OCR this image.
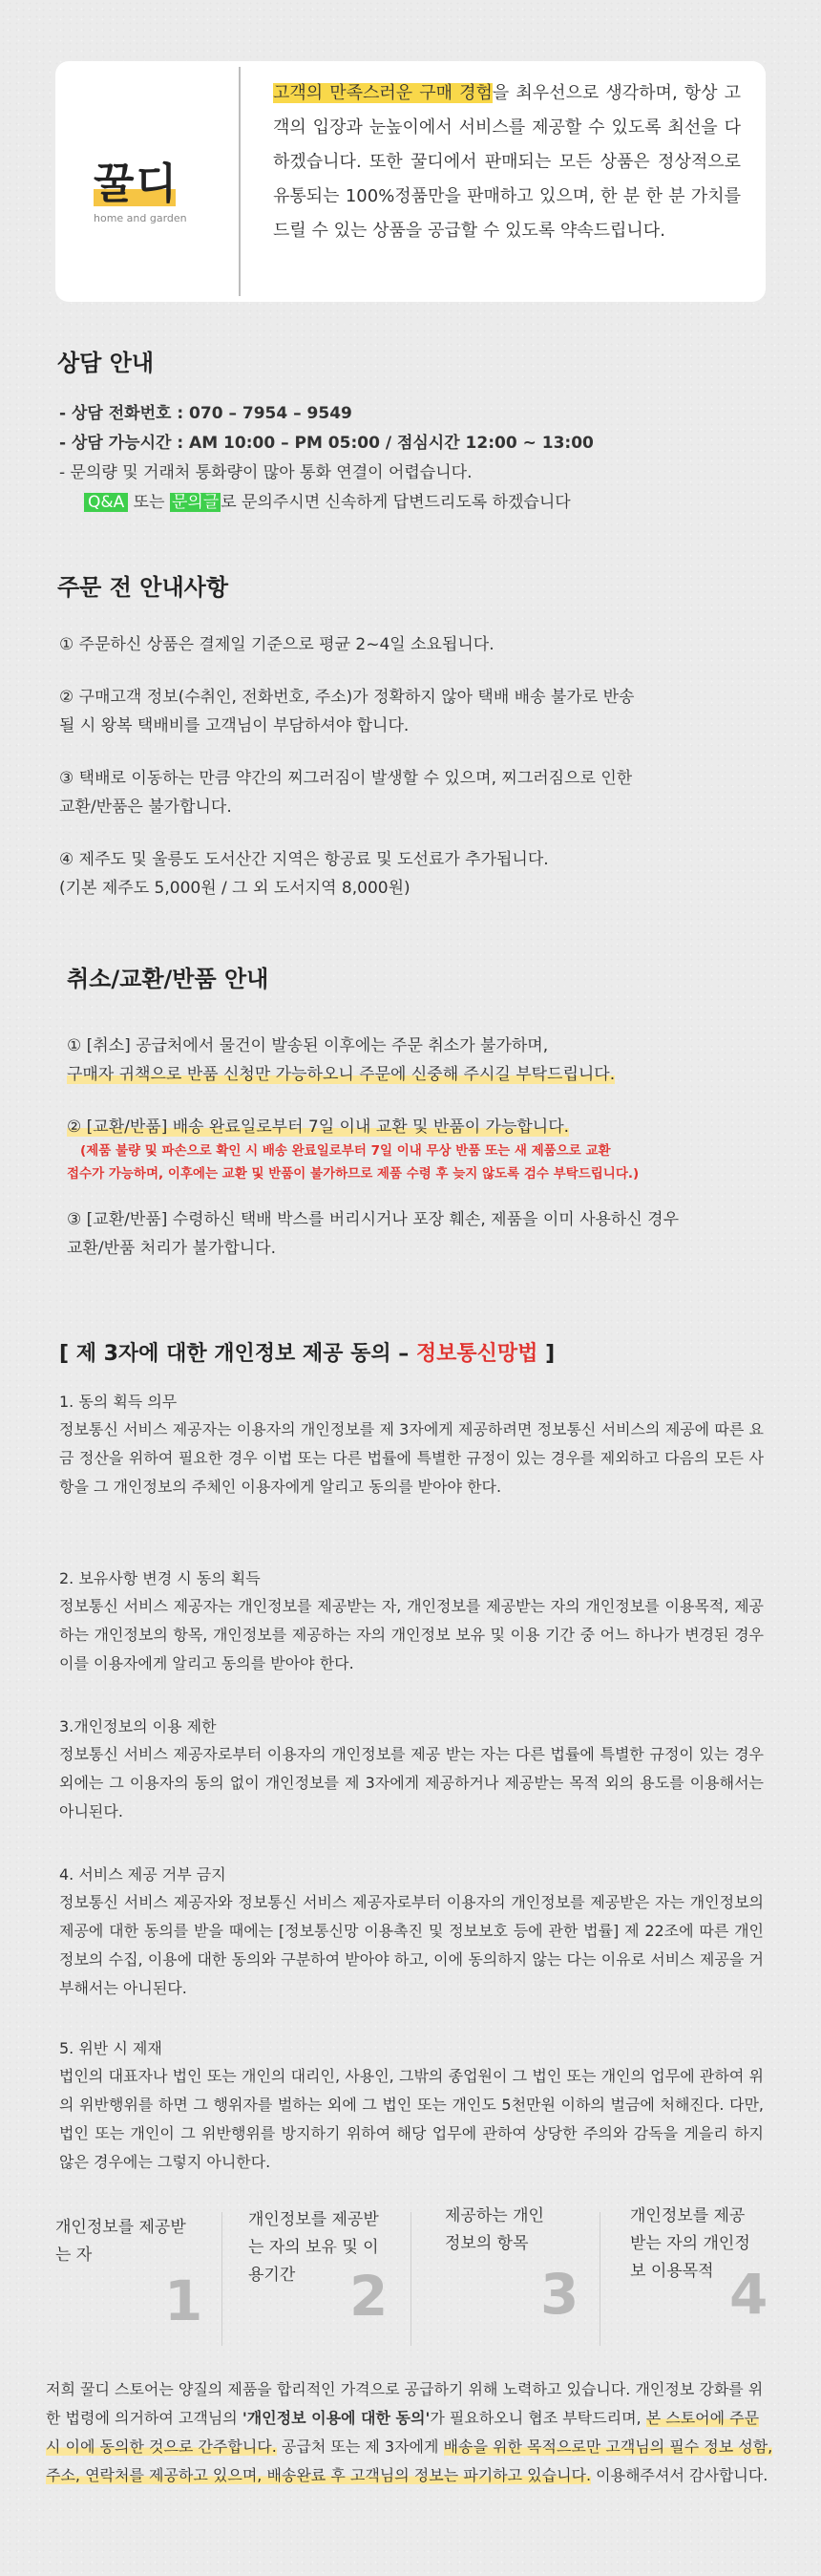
꿀디
home and garden
고객의 만족스러운 구매 경험을 최우선으로 생각하며, 항상 고객의 입장과 눈높이에서 서비스를 제공할 수 있도록 최선을 다하겠습니다. 또한 꿀디에서 판매되는 모든 상품은 정상적으로 유통되는 100%정품만을 판매하고 있으며, 한 분 한 분 가치를 드릴 수 있는 상품을 공급할 수 있도록 약속드립니다.
상담 안내
- 상담 전화번호 : 070 – 7954 – 9549
- 상담 가능시간 : AM 10:00 – PM 05:00 / 점심시간 12:00 ~ 13:00
- 문의량 및 거래처 통화량이 많아 통화 연결이 어렵습니다.
Q&A 또는 문의글 로 문의주시면 신속하게 답변드리도록 하겠습니다
주문 전 안내사항
① 주문하신 상품은 결제일 기준으로 평균 2~4일 소요됩니다.
② 구매고객 정보(수취인, 전화번호, 주소)가 정확하지 않아 택배 배송 불가로 반송
될 시 왕복 택배비를 고객님이 부담하셔야 합니다.
③ 택배로 이동하는 만큼 약간의 찌그러짐이 발생할 수 있으며, 찌그러짐으로 인한
교환/반품은 불가합니다.
④ 제주도 및 울릉도 도서산간 지역은 항공료 및 도선료가 추가됩니다.
(기본 제주도 5,000원 / 그 외 도서지역 8,000원)
취소/교환/반품 안내
① [취소] 공급처에서 물건이 발송된 이후에는 주문 취소가 불가하며,
구매자 귀책으로 반품 신청만 가능하오니 주문에 신중해 주시길 부탁드립니다.
② [교환/반품] 배송 완료일로부터 7일 이내 교환 및 반품이 가능합니다.
(제품 불량 및 파손으로 확인 시 배송 완료일로부터 7일 이내 무상 반품 또는 새 제품으로 교환
접수가 가능하며, 이후에는 교환 및 반품이 불가하므로 제품 수령 후 늦지 않도록 검수 부탁드립니다.)
③ [교환/반품] 수령하신 택배 박스를 버리시거나 포장 훼손, 제품을 이미 사용하신 경우
교환/반품 처리가 불가합니다.
[ 제 3자에 대한 개인정보 제공 동의 – 정보통신망법 ]
1. 동의 획득 의무
정보통신 서비스 제공자는 이용자의 개인정보를 제 3자에게 제공하려면 정보통신 서비스의 제공에 따른 요금 정산을 위하여 필요한 경우 이법 또는 다른 법률에 특별한 규정이 있는 경우를 제외하고 다음의 모든 사항을 그 개인정보의 주체인 이용자에게 알리고 동의를 받아야 한다.
2. 보유사항 변경 시 동의 획득
정보통신 서비스 제공자는 개인정보를 제공받는 자, 개인정보를 제공받는 자의 개인정보를 이용목적, 제공하는 개인정보의 항목, 개인정보를 제공하는 자의 개인정보 보유 및 이용 기간 중 어느 하나가 변경된 경우 이를 이용자에게 알리고 동의를 받아야 한다.
3.개인정보의 이용 제한
정보통신 서비스 제공자로부터 이용자의 개인정보를 제공 받는 자는 다른 법률에 특별한 규정이 있는 경우 외에는 그 이용자의 동의 없이 개인정보를 제 3자에게 제공하거나 제공받는 목적 외의 용도를 이용해서는 아니된다.
4. 서비스 제공 거부 금지
정보통신 서비스 제공자와 정보통신 서비스 제공자로부터 이용자의 개인정보를 제공받은 자는 개인정보의 제공에 대한 동의를 받을 때에는 [정보통신망 이용촉진 및 정보보호 등에 관한 법률] 제 22조에 따른 개인 정보의 수집, 이용에 대한 동의와 구분하여 받아야 하고, 이에 동의하지 않는 다는 이유로 서비스 제공을 거부해서는 아니된다.
5. 위반 시 제재
법인의 대표자나 법인 또는 개인의 대리인, 사용인, 그밖의 종업원이 그 법인 또는 개인의 업무에 관하여 위의 위반행위를 하면 그 행위자를 벌하는 외에 그 법인 또는 개인도 5천만원 이하의 벌금에 처해진다. 다만, 법인 또는 개인이 그 위반행위를 방지하기 위하여 해당 업무에 관하여 상당한 주의와 감독을 게을리 하지 않은 경우에는 그렇지 아니한다.
개인정보를 제공받는 자
1
개인정보를 제공받는 자의 보유 및 이용기간 2
제공하는 개인정보의 항목
3
개인정보를 제공받는 자의 개인정보 이용목적 4
저희 꿀디 스토어는 양질의 제품을 합리적인 가격으로 공급하기 위해 노력하고 있습니다. 개인정보 강화를 위한 법령에 의거하여 고객님의 '개인정보 이용에 대한 동의'가 필요하오니 협조 부탁드리며, 본 스토어에 주문 시 이에 동의한 것으로 간주합니다. 공급처 또는 제 3자에게 배송을 위한 목적으로만 고객님의 필수 정보 성함, 주소, 연락처를 제공하고 있으며, 배송완료 후 고객님의 정보는 파기하고 있습니다. 이용해주셔서 감사합니다.
